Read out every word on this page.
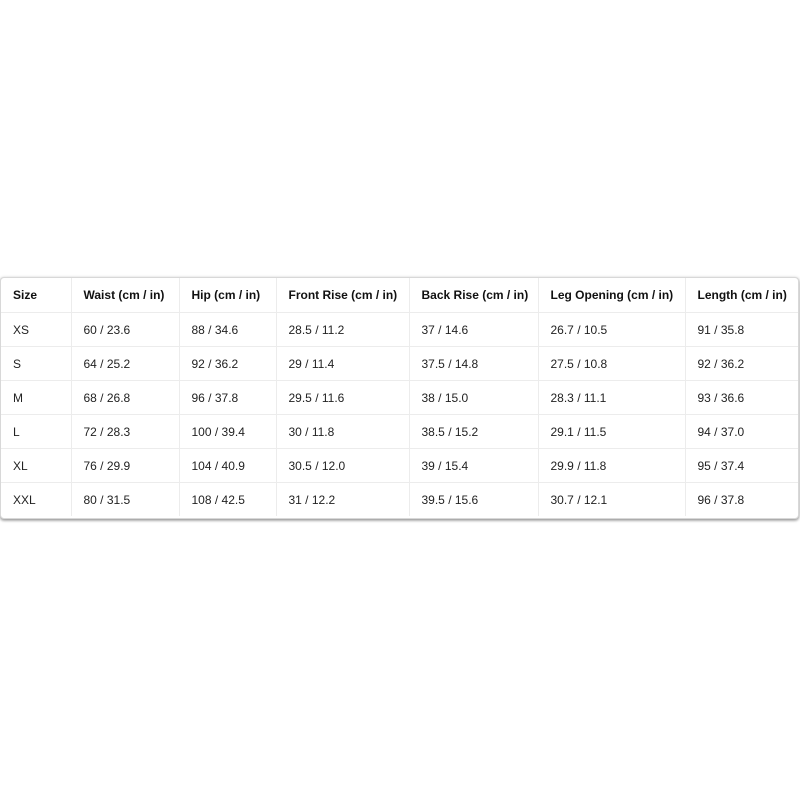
Size	Waist (cm / in)	Hip (cm / in)	Front Rise (cm / in)	Back Rise (cm / in)	Leg Opening (cm / in)	Length (cm / in)
XS	60 / 23.6	88 / 34.6	28.5 / 11.2	37 / 14.6	26.7 / 10.5	91 / 35.8
S	64 / 25.2	92 / 36.2	29 / 11.4	37.5 / 14.8	27.5 / 10.8	92 / 36.2
M	68 / 26.8	96 / 37.8	29.5 / 11.6	38 / 15.0	28.3 / 11.1	93 / 36.6
L	72 / 28.3	100 / 39.4	30 / 11.8	38.5 / 15.2	29.1 / 11.5	94 / 37.0
XL	76 / 29.9	104 / 40.9	30.5 / 12.0	39 / 15.4	29.9 / 11.8	95 / 37.4
XXL	80 / 31.5	108 / 42.5	31 / 12.2	39.5 / 15.6	30.7 / 12.1	96 / 37.8
